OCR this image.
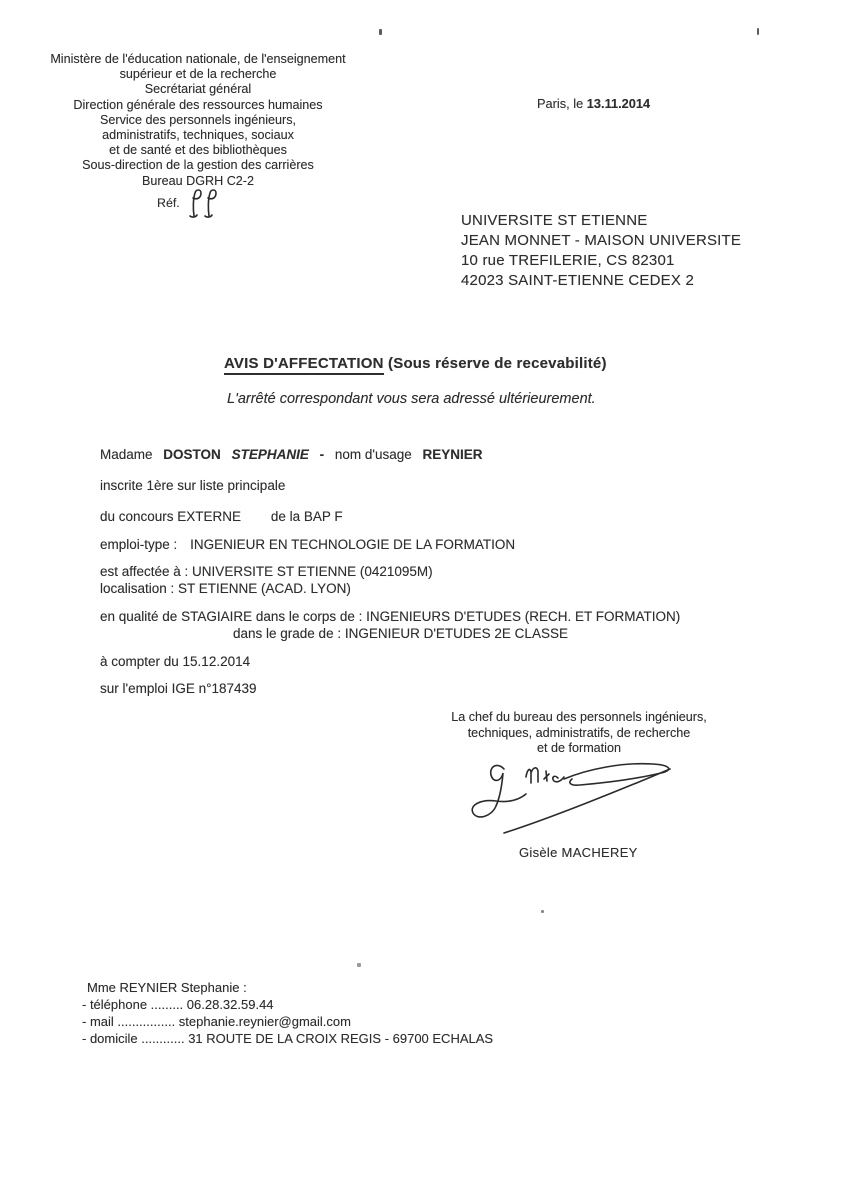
Ministère de l'éducation nationale, de l'enseignement
supérieur et de la recherche
Secrétariat général
Direction générale des ressources humaines
Service des personnels ingénieurs,
administratifs, techniques, sociaux
et de santé et des bibliothèques
Sous-direction de la gestion des carrières
Bureau DGRH C2-2
Réf.
Paris, le 13.11.2014
UNIVERSITE ST ETIENNE
JEAN MONNET - MAISON UNIVERSITE
10 rue TREFILERIE, CS 82301
42023 SAINT-ETIENNE CEDEX 2
AVIS D'AFFECTATION (Sous réserve de recevabilité)
L'arrêté correspondant vous sera adressé ultérieurement.
Madame DOSTON STEPHANIE - nom d'usage REYNIER
inscrite 1ère sur liste principale
du concours EXTERNE de la BAP F
emploi-type : INGENIEUR EN TECHNOLOGIE DE LA FORMATION
est affectée à : UNIVERSITE ST ETIENNE (0421095M)
localisation : ST ETIENNE (ACAD. LYON)
en qualité de STAGIAIRE dans le corps de : INGENIEURS D'ETUDES (RECH. ET FORMATION)
dans le grade de : INGENIEUR D'ETUDES 2E CLASSE
à compter du 15.12.2014
sur l'emploi IGE n°187439
La chef du bureau des personnels ingénieurs,
techniques, administratifs, de recherche
et de formation
Gisèle MACHEREY
Mme REYNIER Stephanie :
- téléphone ......... 06.28.32.59.44
- mail ................ stephanie.reynier@gmail.com
- domicile ............ 31 ROUTE DE LA CROIX REGIS - 69700 ECHALAS
